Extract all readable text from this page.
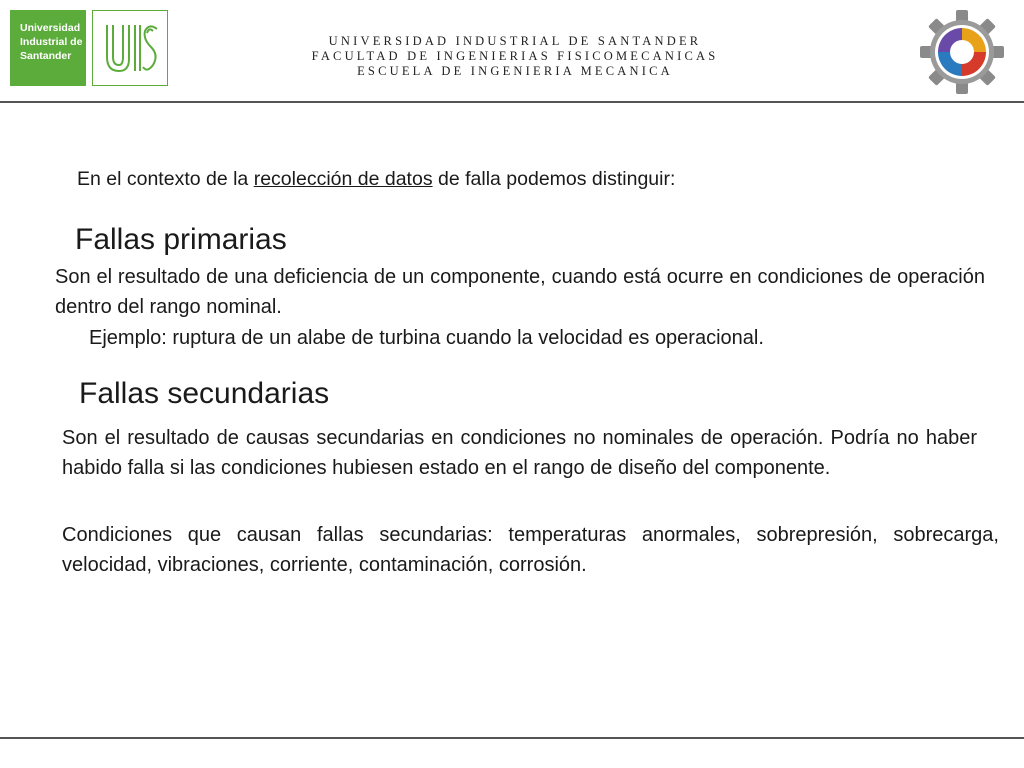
Universidad
Industrial de
Santander
UNIVERSIDAD INDUSTRIAL DE SANTANDER
FACULTAD DE INGENIERIAS FISICOMECANICAS
ESCUELA DE INGENIERIA MECANICA
En el contexto de la recolección de datos de falla podemos distinguir:
Fallas primarias
Son el resultado de una deficiencia de un componente, cuando está ocurre en condiciones de operación dentro del rango nominal.
Ejemplo: ruptura de un alabe de turbina cuando la velocidad es operacional.
Fallas secundarias
Son el resultado de causas secundarias en condiciones no nominales de operación. Podría no haber habido falla si las condiciones hubiesen estado en el rango de diseño del componente.
Condiciones que causan fallas secundarias: temperaturas anormales, sobrepresión, sobrecarga, velocidad, vibraciones, corriente, contaminación, corrosión.
